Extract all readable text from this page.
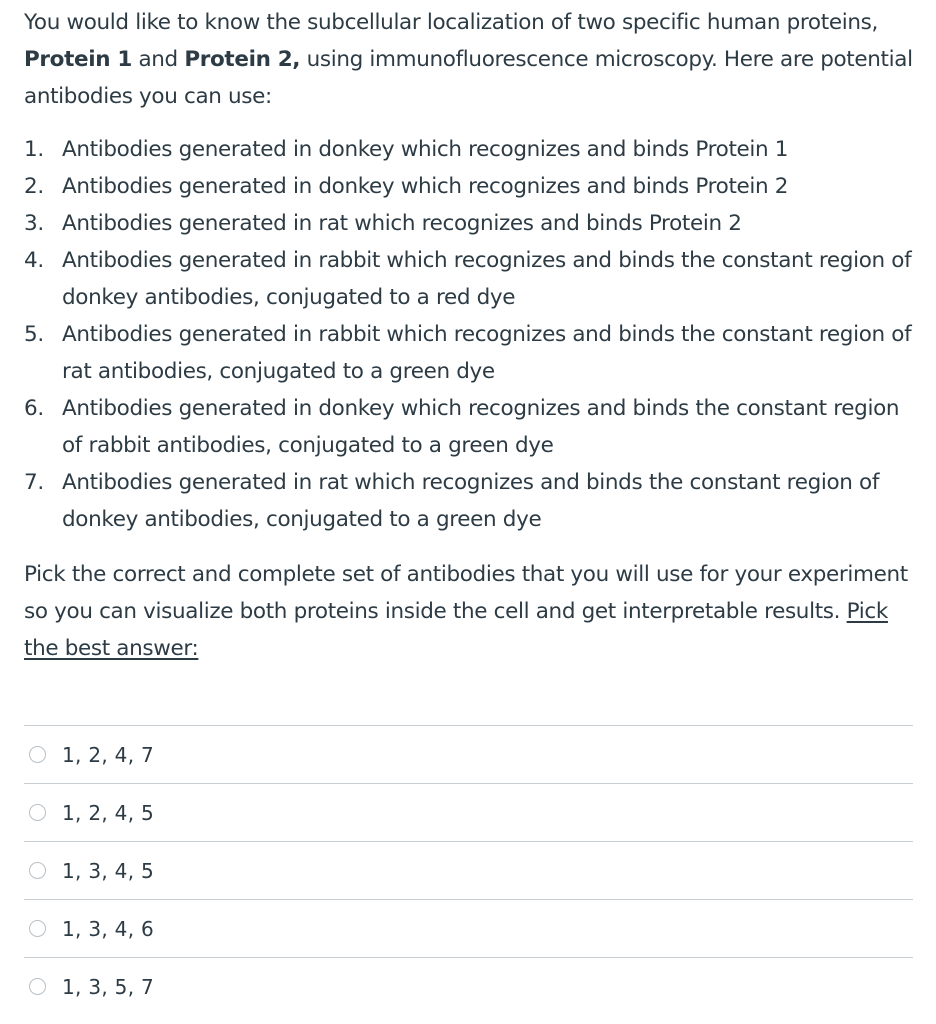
You would like to know the subcellular localization of two specific human proteins, Protein 1 and Protein 2, using immunofluorescence microscopy. Here are potential antibodies you can use:

1. Antibodies generated in donkey which recognizes and binds Protein 1
2. Antibodies generated in donkey which recognizes and binds Protein 2
3. Antibodies generated in rat which recognizes and binds Protein 2
4. Antibodies generated in rabbit which recognizes and binds the constant region of donkey antibodies, conjugated to a red dye
5. Antibodies generated in rabbit which recognizes and binds the constant region of rat antibodies, conjugated to a green dye
6. Antibodies generated in donkey which recognizes and binds the constant region of rabbit antibodies, conjugated to a green dye
7. Antibodies generated in rat which recognizes and binds the constant region of donkey antibodies, conjugated to a green dye

Pick the correct and complete set of antibodies that you will use for your experiment so you can visualize both proteins inside the cell and get interpretable results. Pick the best answer:

1, 2, 4, 7
1, 2, 4, 5
1, 3, 4, 5
1, 3, 4, 6
1, 3, 5, 7
